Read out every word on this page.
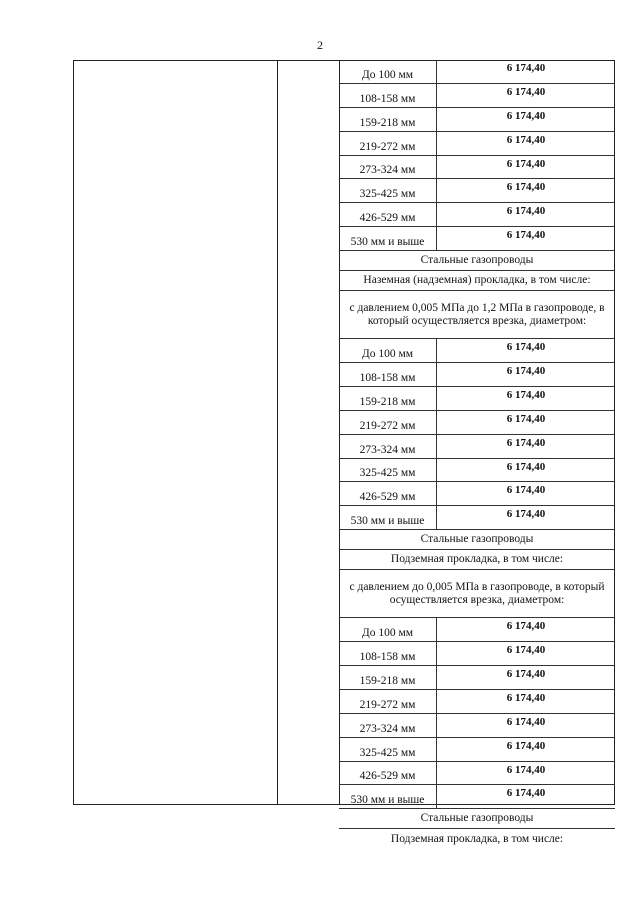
2
До 100 мм
6 174,40
108-158 мм
6 174,40
159-218 мм
6 174,40
219-272 мм
6 174,40
273-324 мм
6 174,40
325-425 мм
6 174,40
426-529 мм
6 174,40
530 мм и выше
6 174,40
Стальные газопроводы
Наземная (надземная) прокладка, в том числе:
с давлением 0,005 МПа до 1,2 МПа в газопроводе, в который осуществляется врезка, диаметром:
До 100 мм
6 174,40
108-158 мм
6 174,40
159-218 мм
6 174,40
219-272 мм
6 174,40
273-324 мм
6 174,40
325-425 мм
6 174,40
426-529 мм
6 174,40
530 мм и выше
6 174,40
Стальные газопроводы
Подземная прокладка, в том числе:
с давлением до 0,005 МПа в газопроводе, в который осуществляется врезка, диаметром:
До 100 мм
6 174,40
108-158 мм
6 174,40
159-218 мм
6 174,40
219-272 мм
6 174,40
273-324 мм
6 174,40
325-425 мм
6 174,40
426-529 мм
6 174,40
530 мм и выше
6 174,40
Стальные газопроводы
Подземная прокладка, в том числе:
